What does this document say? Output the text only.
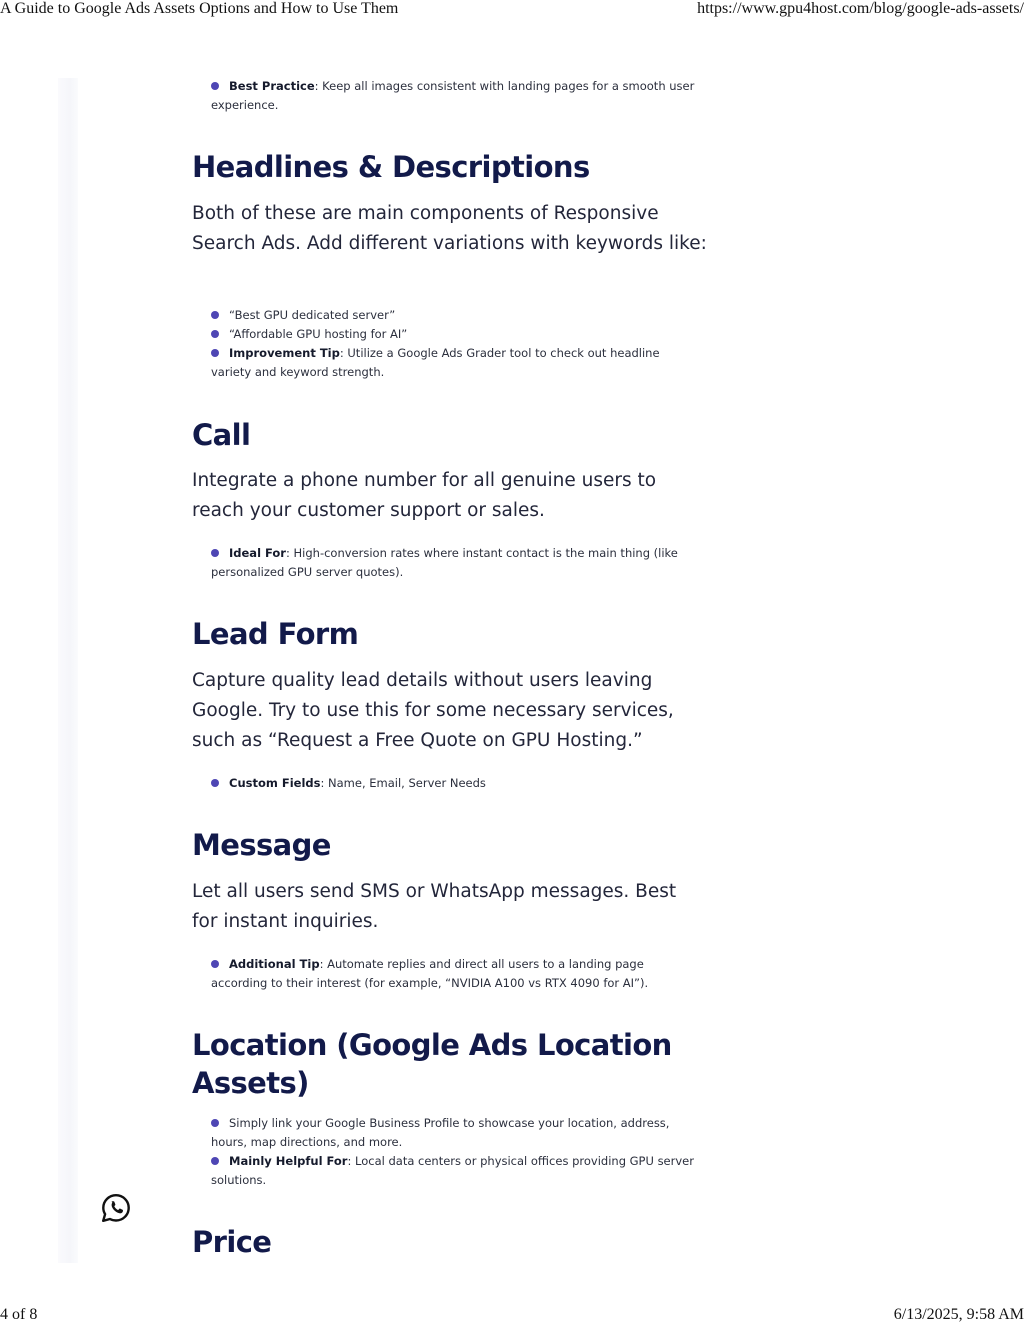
A Guide to Google Ads Assets Options and How to Use Them	https://www.gpu4host.com/blog/google-ads-assets/
Best Practice: Keep all images consistent with landing pages for a smooth user experience.
Headlines & Descriptions

Both of these are main components of Responsive Search Ads. Add different variations with keywords like:

“Best GPU dedicated server”
“Affordable GPU hosting for AI”
Improvement Tip: Utilize a Google Ads Grader tool to check out headline variety and keyword strength.
Call

Integrate a phone number for all genuine users to reach your customer support or sales.

Ideal For: High-conversion rates where instant contact is the main thing (like personalized GPU server quotes).
Lead Form

Capture quality lead details without users leaving Google. Try to use this for some necessary services, such as “Request a Free Quote on GPU Hosting.”

Custom Fields: Name, Email, Server Needs
Message

Let all users send SMS or WhatsApp messages. Best for instant inquiries.

Additional Tip: Automate replies and direct all users to a landing page according to their interest (for example, “NVIDIA A100 vs RTX 4090 for AI”).
Location (Google Ads Location
Assets)
Simply link your Google Business Profile to showcase your location, address, hours, map directions, and more.
Mainly Helpful For: Local data centers or physical offices providing GPU server solutions.
Price
4 of 8	6/13/2025, 9:58 AM
